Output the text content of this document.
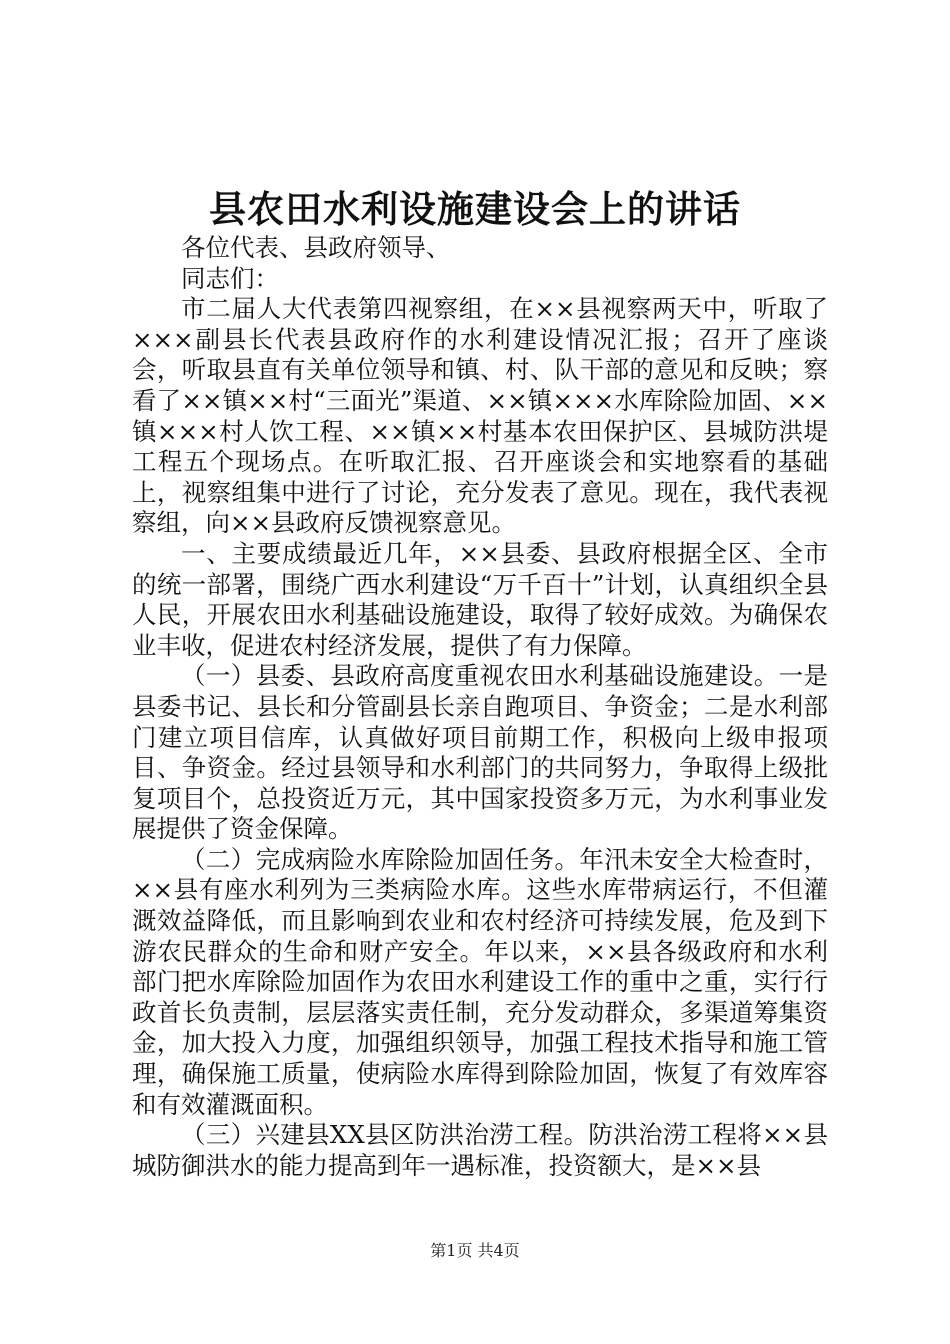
县农田水利设施建设会上的讲话

各位代表、县政府领导、

同志们：

市二届人大代表第四视察组，在××县视察两天中，听取了×××副县长代表县政府作的水利建设情况汇报；召开了座谈会，听取县直有关单位领导和镇、村、队干部的意见和反映；察看了××镇××村“三面光”渠道、××镇×××水库除险加固、××镇×××村人饮工程、××镇××村基本农田保护区、县城防洪堤工程五个现场点。在听取汇报、召开座谈会和实地察看的基础上，视察组集中进行了讨论，充分发表了意见。现在，我代表视察组，向××县政府反馈视察意见。

一、主要成绩最近几年，××县委、县政府根据全区、全市的统一部署，围绕广西水利建设“万千百十”计划，认真组织全县人民，开展农田水利基础设施建设，取得了较好成效。为确保农业丰收，促进农村经济发展，提供了有力保障。

（一）县委、县政府高度重视农田水利基础设施建设。一是县委书记、县长和分管副县长亲自跑项目、争资金；二是水利部门建立项目信库，认真做好项目前期工作，积极向上级申报项目、争资金。经过县领导和水利部门的共同努力，争取得上级批复项目个，总投资近万元，其中国家投资多万元，为水利事业发展提供了资金保障。

（二）完成病险水库除险加固任务。年汛未安全大检查时，××县有座水利列为三类病险水库。这些水库带病运行，不但灌溉效益降低，而且影响到农业和农村经济可持续发展，危及到下游农民群众的生命和财产安全。年以来，××县各级政府和水利部门把水库除险加固作为农田水利建设工作的重中之重，实行行政首长负责制，层层落实责任制，充分发动群众，多渠道筹集资金，加大投入力度，加强组织领导，加强工程技术指导和施工管理，确保施工质量，使病险水库得到除险加固，恢复了有效库容和有效灌溉面积。

（三）兴建县XX县区防洪治涝工程。防洪治涝工程将××县城防御洪水的能力提高到年一遇标准，投资额大，是××县

第1页 共4页
